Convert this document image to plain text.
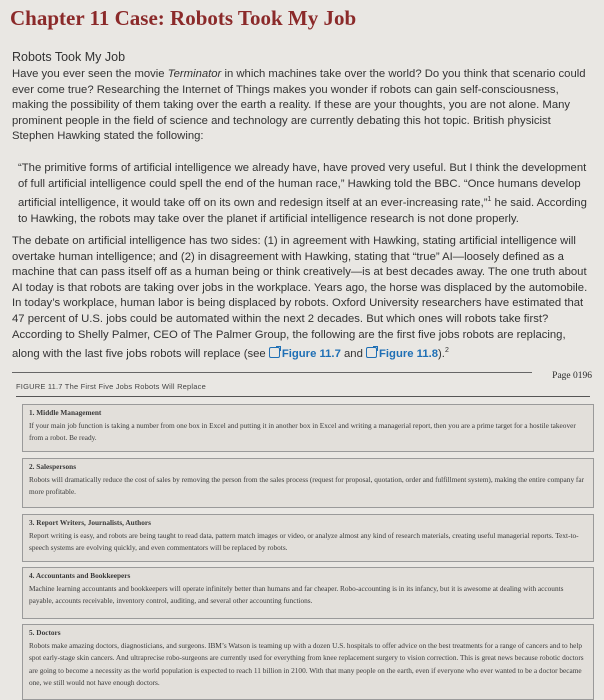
Chapter 11 Case: Robots Took My Job
Robots Took My Job
Have you ever seen the movie Terminator in which machines take over the world? Do you think that scenario could ever come true? Researching the Internet of Things makes you wonder if robots can gain self-consciousness, making the possibility of them taking over the earth a reality. If these are your thoughts, you are not alone. Many prominent people in the field of science and technology are currently debating this hot topic. British physicist Stephen Hawking stated the following:
“The primitive forms of artificial intelligence we already have, have proved very useful. But I think the development of full artificial intelligence could spell the end of the human race,” Hawking told the BBC. “Once humans develop artificial intelligence, it would take off on its own and redesign itself at an ever-increasing rate,”$^1$ he said. According to Hawking, the robots may take over the planet if artificial intelligence research is not done properly.
The debate on artificial intelligence has two sides: (1) in agreement with Hawking, stating artificial intelligence will overtake human intelligence; and (2) in disagreement with Hawking, stating that “true” AI—loosely defined as a machine that can pass itself off as a human being or think creatively—is at best decades away. The one truth about AI today is that robots are taking over jobs in the workplace. Years ago, the horse was displaced by the automobile. In today’s workplace, human labor is being displaced by robots. Oxford University researchers have estimated that 47 percent of U.S. jobs could be automated within the next 2 decades. But which ones will robots take first? According to Shelly Palmer, CEO of The Palmer Group, the following are the first five jobs robots are replacing, along with the last five jobs robots will replace (see Figure 11.7 and Figure 11.8).$^2$
Page 0196
FIGURE 11.7 The First Five Jobs Robots Will Replace
1. Middle Management
If your main job function is taking a number from one box in Excel and putting it in another box in Excel and writing a managerial report, then you are a prime target for a hostile takeover from a robot. Be ready.
2. Salespersons
Robots will dramatically reduce the cost of sales by removing the person from the sales process (request for proposal, quotation, order and fulfillment system), making the entire company far more profitable.
3. Report Writers, Journalists, Authors
Report writing is easy, and robots are being taught to read data, pattern match images or video, or analyze almost any kind of research materials, creating useful managerial reports. Text-to-speech systems are evolving quickly, and even commentators will be replaced by robots.
4. Accountants and Bookkeepers
Machine learning accountants and bookkeepers will operate infinitely better than humans and far cheaper. Robo-accounting is in its infancy, but it is awesome at dealing with accounts payable, accounts receivable, inventory control, auditing, and several other accounting functions.
5. Doctors
Robots make amazing doctors, diagnosticians, and surgeons. IBM’s Watson is teaming up with a dozen U.S. hospitals to offer advice on the best treatments for a range of cancers and to help spot early-stage skin cancers. And ultraprecise robo-surgeons are currently used for everything from knee replacement surgery to vision correction. This is great news because robotic doctors are going to become a necessity as the world population is expected to reach 11 billion in 2100. With that many people on the earth, even if everyone who ever wanted to be a doctor became one, we still would not have enough doctors.
